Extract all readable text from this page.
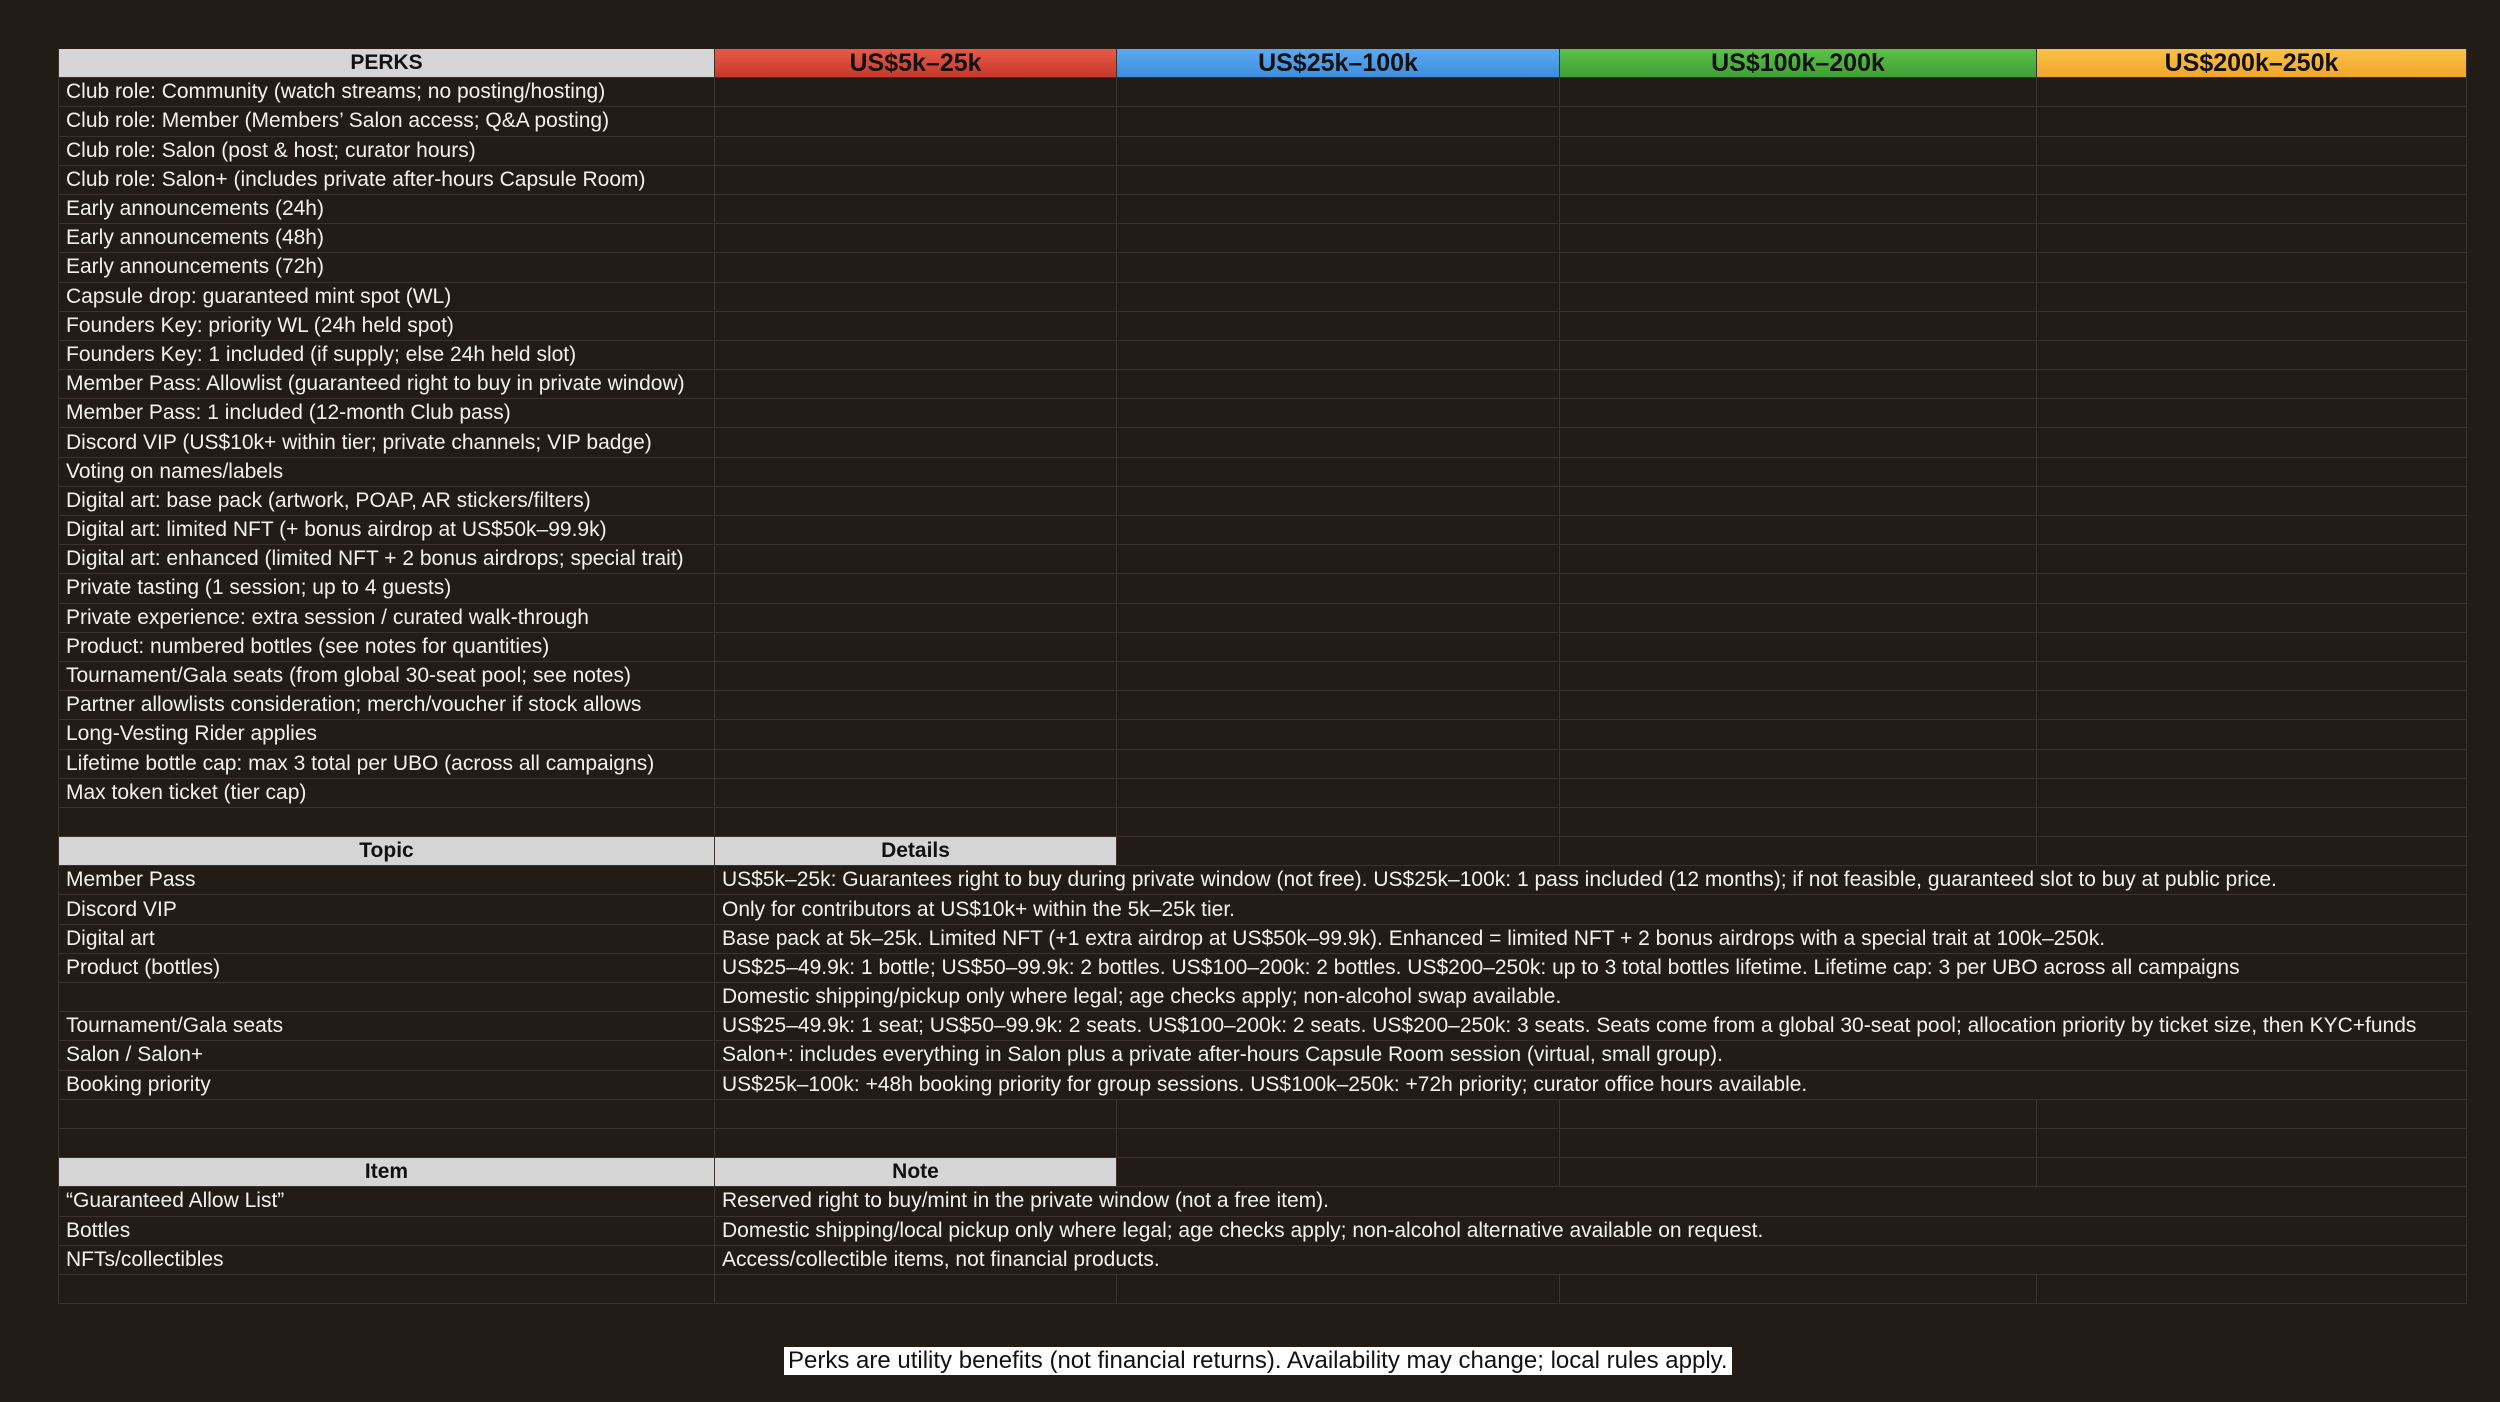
PERKS	US$5k–25k	US$25k–100k	US$100k–200k	US$200k–250k
Club role: Community (watch streams; no posting/hosting)
Club role: Member (Members’ Salon access; Q&A posting)
Club role: Salon (post & host; curator hours)
Club role: Salon+ (includes private after-hours Capsule Room)
Early announcements (24h)
Early announcements (48h)
Early announcements (72h)
Capsule drop: guaranteed mint spot (WL)
Founders Key: priority WL (24h held spot)
Founders Key: 1 included (if supply; else 24h held slot)
Member Pass: Allowlist (guaranteed right to buy in private window)
Member Pass: 1 included (12-month Club pass)
Discord VIP (US$10k+ within tier; private channels; VIP badge)
Voting on names/labels
Digital art: base pack (artwork, POAP, AR stickers/filters)
Digital art: limited NFT (+ bonus airdrop at US$50k–99.9k)
Digital art: enhanced (limited NFT + 2 bonus airdrops; special trait)
Private tasting (1 session; up to 4 guests)
Private experience: extra session / curated walk-through
Product: numbered bottles (see notes for quantities)
Tournament/Gala seats (from global 30-seat pool; see notes)
Partner allowlists consideration; merch/voucher if stock allows
Long-Vesting Rider applies
Lifetime bottle cap: max 3 total per UBO (across all campaigns)
Max token ticket (tier cap)
Topic	Details
Member Pass	US$5k–25k: Guarantees right to buy during private window (not free). US$25k–100k: 1 pass included (12 months); if not feasible, guaranteed slot to buy at public price.
Discord VIP	Only for contributors at US$10k+ within the 5k–25k tier.
Digital art	Base pack at 5k–25k. Limited NFT (+1 extra airdrop at US$50k–99.9k). Enhanced = limited NFT + 2 bonus airdrops with a special trait at 100k–250k.
Product (bottles)	US$25–49.9k: 1 bottle; US$50–99.9k: 2 bottles. US$100–200k: 2 bottles. US$200–250k: up to 3 total bottles lifetime. Lifetime cap: 3 per UBO across all campaigns
Domestic shipping/pickup only where legal; age checks apply; non-alcohol swap available.
Tournament/Gala seats	US$25–49.9k: 1 seat; US$50–99.9k: 2 seats. US$100–200k: 2 seats. US$200–250k: 3 seats. Seats come from a global 30-seat pool; allocation priority by ticket size, then KYC+funds
Salon / Salon+	Salon+: includes everything in Salon plus a private after-hours Capsule Room session (virtual, small group).
Booking priority	US$25k–100k: +48h booking priority for group sessions. US$100k–250k: +72h priority; curator office hours available.
Item	Note
“Guaranteed Allow List”	Reserved right to buy/mint in the private window (not a free item).
Bottles	Domestic shipping/local pickup only where legal; age checks apply; non-alcohol alternative available on request.
NFTs/collectibles	Access/collectible items, not financial products.
Perks are utility benefits (not financial returns). Availability may change; local rules apply.
